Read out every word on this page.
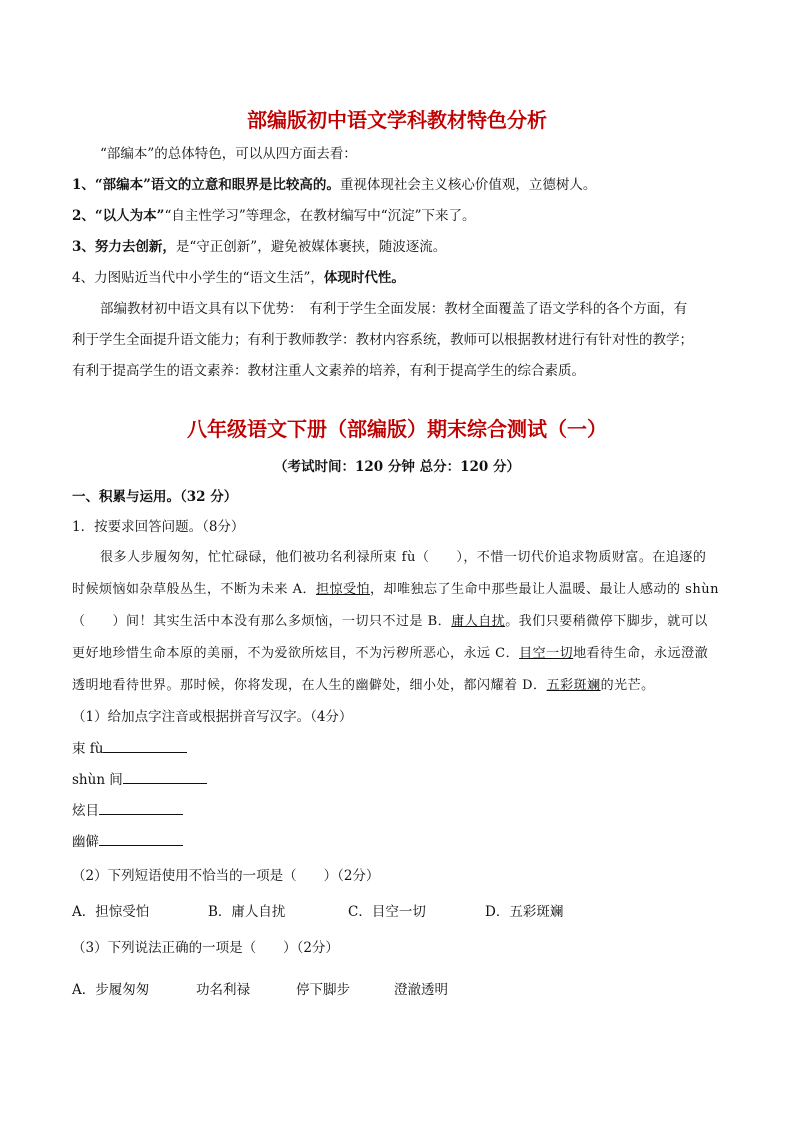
部编版初中语文学科教材特色分析
“部编本”的总体特色，可以从四方面去看：
1、“部编本”语文的立意和眼界是比较高的。重视体现社会主义核心价值观，立德树人。
2、“以人为本”“自主性学习”等理念，在教材编写中“沉淀”下来了。
3、努力去创新，是“守正创新”，避免被媒体裹挟，随波逐流。
4、力图贴近当代中小学生的“语文生活”，体现时代性。
部编教材初中语文具有以下优势：　有利于学生全面发展：教材全面覆盖了语文学科的各个方面，有
利于学生全面提升语文能力；有利于教师教学：教材内容系统，教师可以根据教材进行有针对性的教学；
有利于提高学生的语文素养：教材注重人文素养的培养，有利于提高学生的综合素质。
八年级语文下册（部编版）期末综合测试（一）
（考试时间：120 分钟 总分：120 分）
一、积累与运用。（32 分）
1．按要求回答问题。（8分）
很多人步履匆匆，忙忙碌碌，他们被功名利禄所束 fù（　　），不惜一切代价追求物质财富。在追逐的
时候烦恼如杂草般丛生，不断为未来 A．担惊受怕，却唯独忘了生命中那些最让人温暖、最让人感动的 shùn
（　　）间！其实生活中本没有那么多烦恼，一切只不过是 B．庸人自扰。我们只要稍微停下脚步，就可以
更好地珍惜生命本原的美丽，不为爱欲所炫目，不为污秽所恶心，永远 C．目空一切地看待生命，永远澄澈
透明地看待世界。那时候，你将发现，在人生的幽僻处，细小处，都闪耀着 D．五彩斑斓的光芒。
（1）给加点字注音或根据拼音写汉字。（4分）
束 fù
shùn 间
炫目
幽僻
（2）下列短语使用不恰当的一项是（　　）（2分）
A．担惊受怕	B．庸人自扰	C．目空一切	D．五彩斑斓
（3）下列说法正确的一项是（　　）（2分）
A．步履匆匆	功名利禄	停下脚步	澄澈透明
